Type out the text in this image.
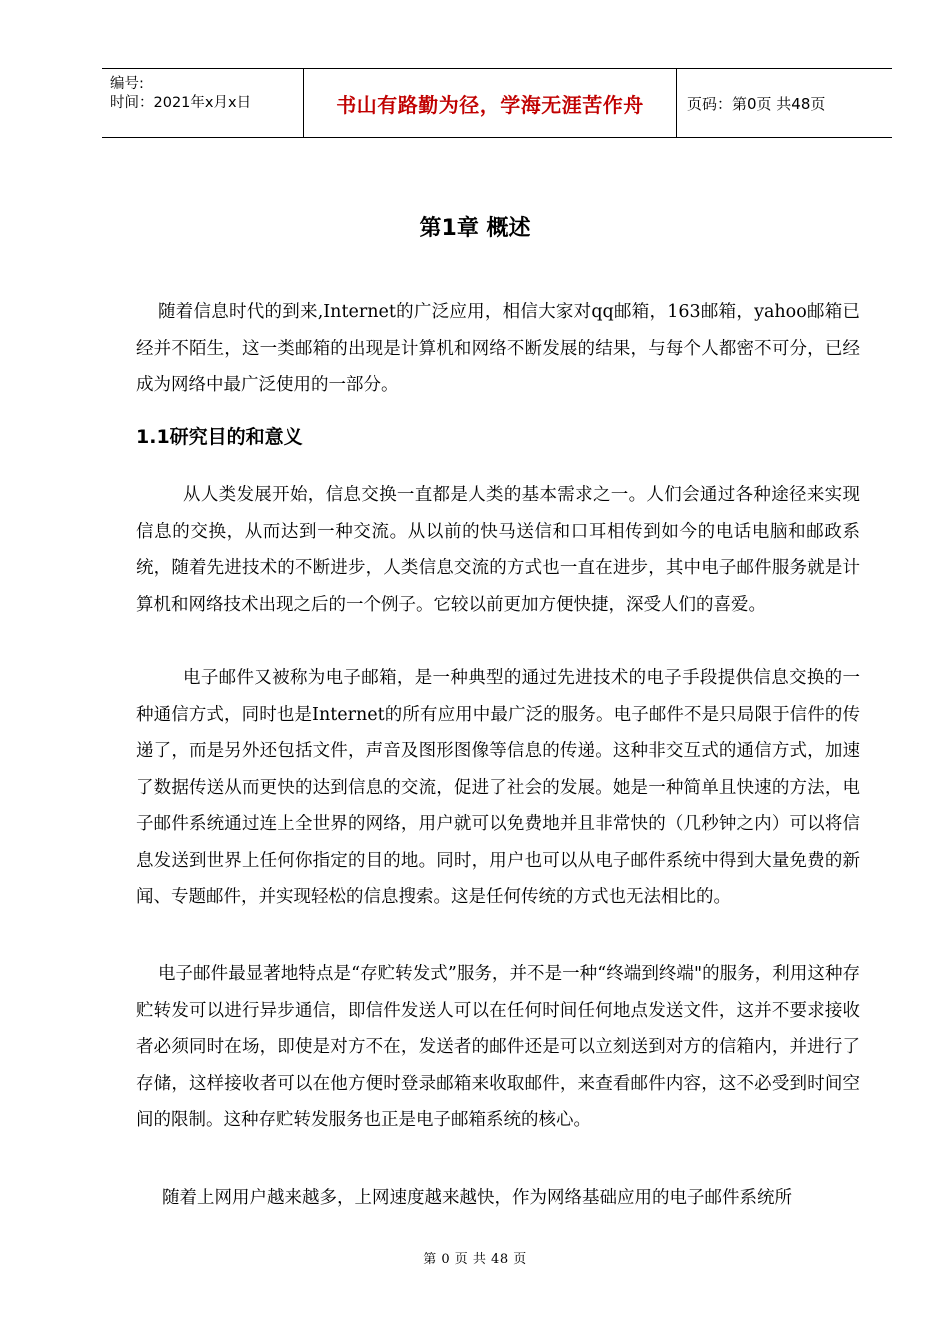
编号:
时间：2021年x月x日	书山有路勤为径，学海无涯苦作舟	页码：第0页 共48页
第1章 概述

随着信息时代的到来,Internet的广泛应用，相信大家对qq邮箱，163邮箱，yahoo邮箱已经并不陌生，这一类邮箱的出现是计算机和网络不断发展的结果，与每个人都密不可分，已经成为网络中最广泛使用的一部分。

1.1研究目的和意义

从人类发展开始，信息交换一直都是人类的基本需求之一。人们会通过各种途径来实现信息的交换，从而达到一种交流。从以前的快马送信和口耳相传到如今的电话电脑和邮政系统，随着先进技术的不断进步，人类信息交流的方式也一直在进步，其中电子邮件服务就是计算机和网络技术出现之后的一个例子。它较以前更加方便快捷，深受人们的喜爱。

电子邮件又被称为电子邮箱，是一种典型的通过先进技术的电子手段提供信息交换的一种通信方式，同时也是Internet的所有应用中最广泛的服务。电子邮件不是只局限于信件的传递了，而是另外还包括文件，声音及图形图像等信息的传递。这种非交互式的通信方式，加速了数据传送从而更快的达到信息的交流，促进了社会的发展。她是一种简单且快速的方法，电子邮件系统通过连上全世界的网络，用户就可以免费地并且非常快的（几秒钟之内）可以将信息发送到世界上任何你指定的目的地。同时，用户也可以从电子邮件系统中得到大量免费的新闻、专题邮件，并实现轻松的信息搜索。这是任何传统的方式也无法相比的。

电子邮件最显著地特点是“存贮转发式”服务，并不是一种“终端到终端"的服务，利用这种存贮转发可以进行异步通信，即信件发送人可以在任何时间任何地点发送文件，这并不要求接收者必须同时在场，即使是对方不在，发送者的邮件还是可以立刻送到对方的信箱内，并进行了存储，这样接收者可以在他方便时登录邮箱来收取邮件，来查看邮件内容，这不必受到时间空间的限制。这种存贮转发服务也正是电子邮箱系统的核心。

随着上网用户越来越多，上网速度越来越快，作为网络基础应用的电子邮件系统所

第 0 页 共 48 页
